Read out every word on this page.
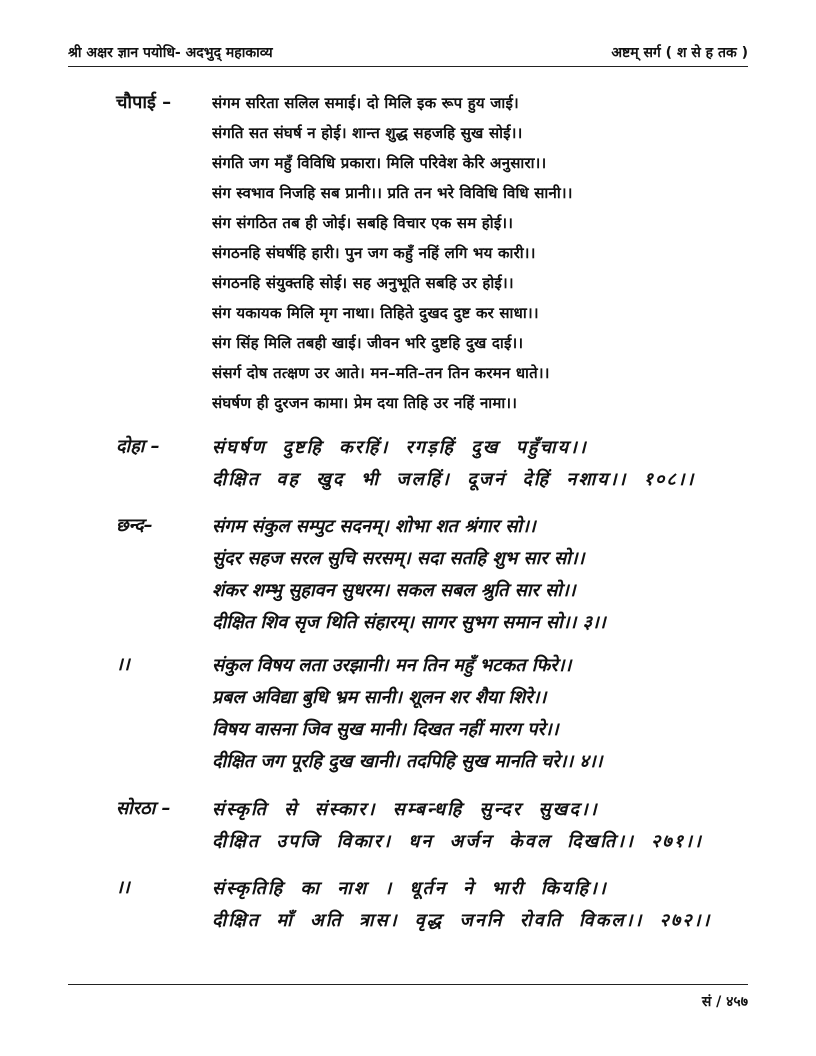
श्री अक्षर ज्ञान पयोधि- अदभुद् महाकाव्य	अष्टम् सर्ग ( श से ह तक )
चौपाई –	संगम सरिता सलिल समाई। दो मिलि इक रूप हुय जाई।
संगति सत संघर्ष न होई। शान्त शुद्ध सहजहि सुख सोई।।
संगति जग महुँ विविधि प्रकारा। मिलि परिवेश केरि अनुसारा।।
संग स्वभाव निजहि सब प्रानी।। प्रति तन भरे विविधि विधि सानी।।
संग संगठित तब ही जोई। सबहि विचार एक सम होई।।
संगठनहि संघर्षहि हारी। पुन जग कहुँ नहिं लगि भय कारी।।
संगठनहि संयुक्तहि सोई। सह अनुभूति सबहि उर होई।।
संग यकायक मिलि मृग नाथा। तिहिते दुखद दुष्ट कर साधा।।
संग सिंह मिलि तबही खाई। जीवन भरि दुष्टहि दुख दाई।।
संसर्ग दोष तत्क्षण उर आते। मन–मति–तन तिन करमन धाते।।
संघर्षण ही दुरजन कामा। प्रेम दया तिहि उर नहिं नामा।।
दोहा –	संघर्षण दुष्टहि करहिं। रगड़हिं दुख पहुँचाय।।
दीक्षित वह खुद भी जलहिं। दूजनं देहिं नशाय।। १०८।।
छन्द–	संगम संकुल सम्पुट सदनम्। शोभा शत श्रंगार सो।।
सुंदर सहज सरल सुचि सरसम्। सदा सतहि शुभ सार सो।।
शंकर शम्भु सुहावन सुधरम। सकल सबल श्रुति सार सो।।
दीक्षित शिव सृज थिति संहारम्। सागर सुभग समान सो।। ३।।
।।	संकुल विषय लता उरझानी। मन तिन महुँ भटकत फिरे।।
प्रबल अविद्या बुधि भ्रम सानी। शूलन शर शैया शिरे।।
विषय वासना जिव सुख मानी। दिखत नहीं मारग परे।।
दीक्षित जग पूरहि दुख खानी। तदपिहि सुख मानति चरे।। ४।।
सोरठा – संस्कृति से संस्कार। सम्बन्धहि सुन्दर सुखद।।
दीक्षित उपजि विकार। धन अर्जन केवल दिखति।। २७१।।
।।	संस्कृतिहि का नाश । धूर्तन ने भारी कियहि।।
दीक्षित माँ अति त्रास। वृद्ध जननि रोवति विकल।। २७२।।
सं / ४५७
